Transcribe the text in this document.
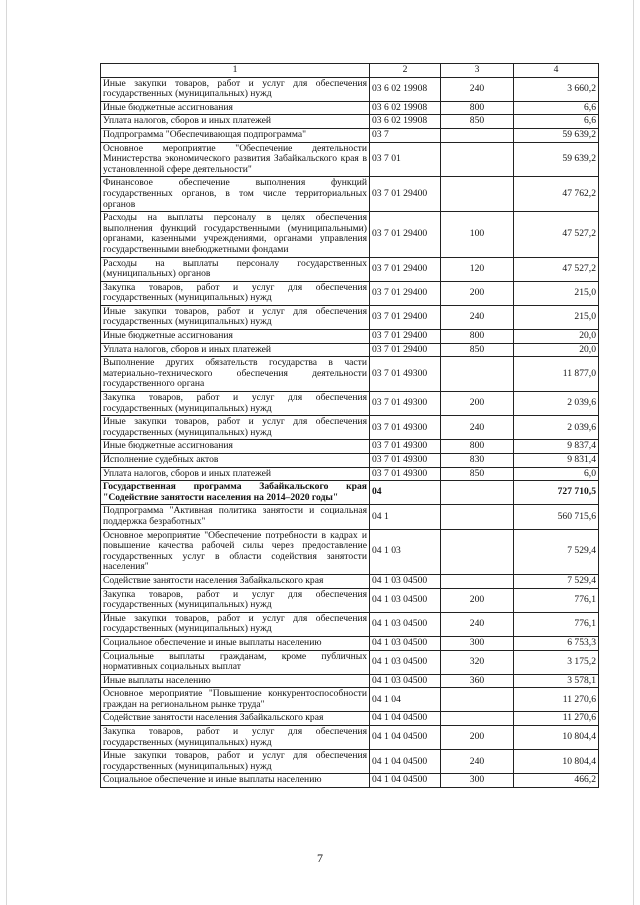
1	2	3	4
Иные закупки товаров, работ и услуг для обеспечения государственных (муниципальных) нужд	03 6 02 19908	240	3 660,2
Иные бюджетные ассигнования	03 6 02 19908	800	6,6
Уплата налогов, сборов и иных платежей	03 6 02 19908	850	6,6
Подпрограмма "Обеспечивающая подпрограмма"	03 7		59 639,2
Основное мероприятие "Обеспечение деятельности Министерства экономического развития Забайкальского края в установленной сфере деятельности"	03 7 01		59 639,2
Финансовое обеспечение выполнения функций государственных органов, в том числе территориальных органов	03 7 01 29400		47 762,2
Расходы на выплаты персоналу в целях обеспечения выполнения функций государственными (муниципальными) органами, казенными учреждениями, органами управления государственными внебюджетными фондами	03 7 01 29400	100	47 527,2
Расходы на выплаты персоналу государственных (муниципальных) органов	03 7 01 29400	120	47 527,2
Закупка товаров, работ и услуг для обеспечения государственных (муниципальных) нужд	03 7 01 29400	200	215,0
Иные закупки товаров, работ и услуг для обеспечения государственных (муниципальных) нужд	03 7 01 29400	240	215,0
Иные бюджетные ассигнования	03 7 01 29400	800	20,0
Уплата налогов, сборов и иных платежей	03 7 01 29400	850	20,0
Выполнение других обязательств государства в части материально-технического обеспечения деятельности государственного органа	03 7 01 49300		11 877,0
Закупка товаров, работ и услуг для обеспечения государственных (муниципальных) нужд	03 7 01 49300	200	2 039,6
Иные закупки товаров, работ и услуг для обеспечения государственных (муниципальных) нужд	03 7 01 49300	240	2 039,6
Иные бюджетные ассигнования	03 7 01 49300	800	9 837,4
Исполнение судебных актов	03 7 01 49300	830	9 831,4
Уплата налогов, сборов и иных платежей	03 7 01 49300	850	6,0
Государственная программа Забайкальского края "Содействие занятости населения на 2014–2020 годы"	04		727 710,5
Подпрограмма "Активная политика занятости и социальная поддержка безработных"	04 1		560 715,6
Основное мероприятие "Обеспечение потребности в кадрах и повышение качества рабочей силы через предоставление государственных услуг в области содействия занятости населения"	04 1 03		7 529,4
Содействие занятости населения Забайкальского края	04 1 03 04500		7 529,4
Закупка товаров, работ и услуг для обеспечения государственных (муниципальных) нужд	04 1 03 04500	200	776,1
Иные закупки товаров, работ и услуг для обеспечения государственных (муниципальных) нужд	04 1 03 04500	240	776,1
Социальное обеспечение и иные выплаты населению	04 1 03 04500	300	6 753,3
Социальные выплаты гражданам, кроме публичных нормативных социальных выплат	04 1 03 04500	320	3 175,2
Иные выплаты населению	04 1 03 04500	360	3 578,1
Основное мероприятие "Повышение конкурентоспособности граждан на региональном рынке труда"	04 1 04		11 270,6
Содействие занятости населения Забайкальского края	04 1 04 04500		11 270,6
Закупка товаров, работ и услуг для обеспечения государственных (муниципальных) нужд	04 1 04 04500	200	10 804,4
Иные закупки товаров, работ и услуг для обеспечения государственных (муниципальных) нужд	04 1 04 04500	240	10 804,4
Социальное обеспечение и иные выплаты населению	04 1 04 04500	300	466,2
7
